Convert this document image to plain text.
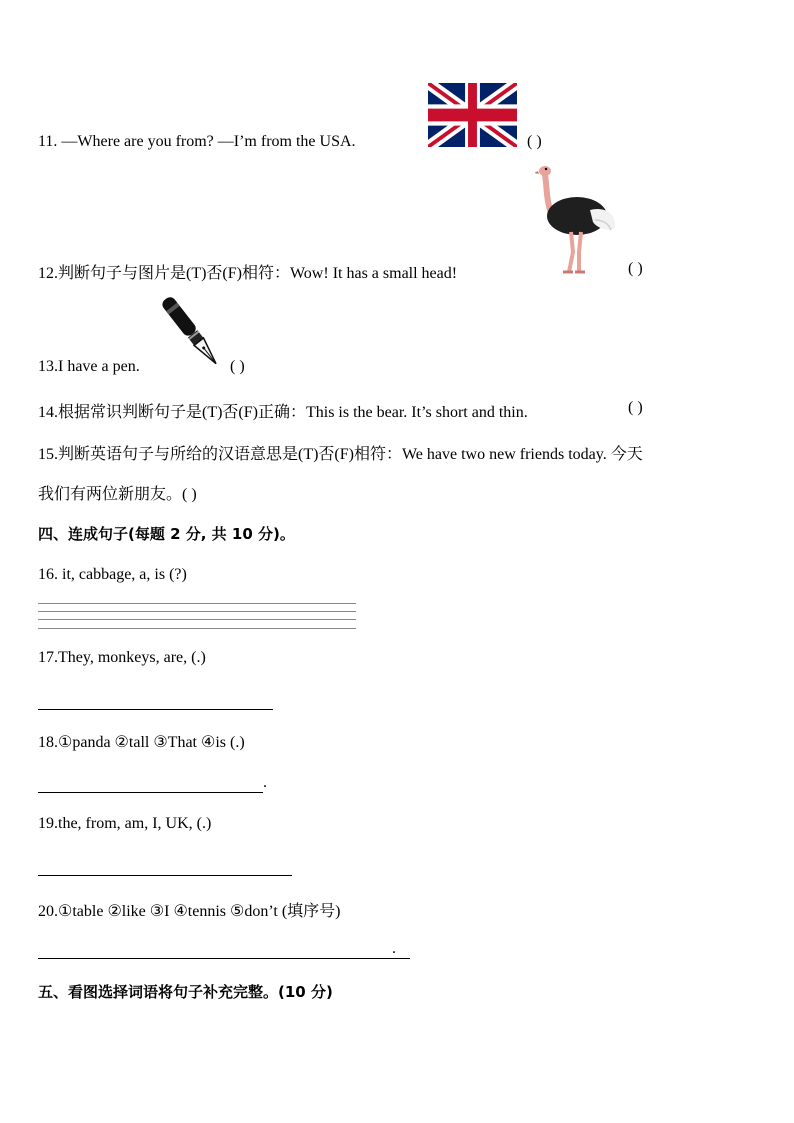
11. —Where are you from? —I’m from the USA.	( )
12.判断句子与图片是(T)否(F)相符：Wow! It has a small head!	( )
13.I have a pen.	( )
14.根据常识判断句子是(T)否(F)正确：This is the bear. It’s short and thin.	( )
15.判断英语句子与所给的汉语意思是(T)否(F)相符：We have two new friends today. 今天
我们有两位新朋友。( )
四、连成句子(每题 2 分, 共 10 分)。
16. it, cabbage, a, is (?)
17.They, monkeys, are, (.)
18.①panda ②tall ③That ④is (.)
.
19.the, from, am, I, UK, (.)
20.①table ②like ③I ④tennis ⑤don’t (填序号)
.
五、看图选择词语将句子补充完整。(10 分)
